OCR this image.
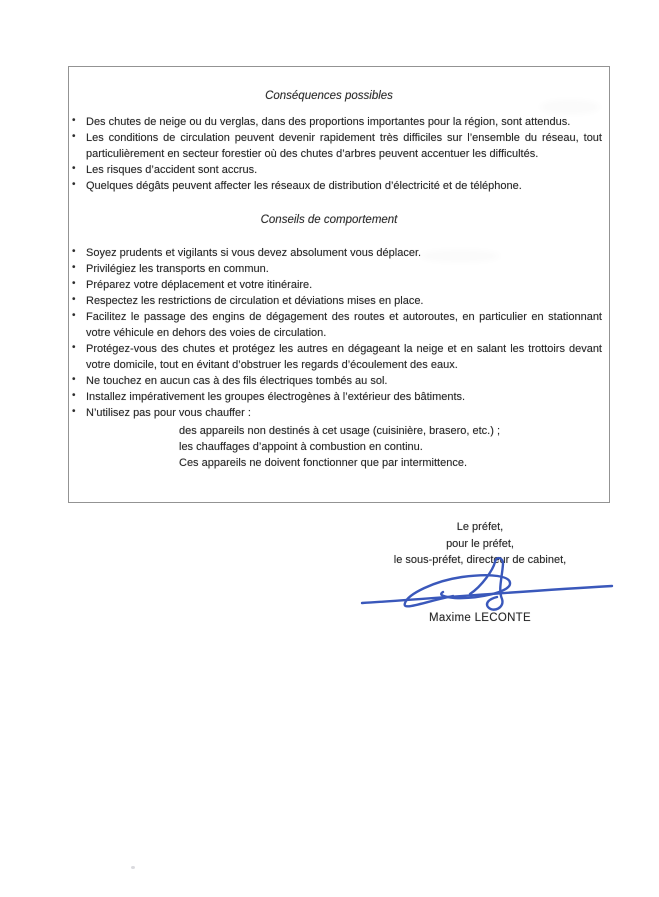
Conséquences possibles
• Des chutes de neige ou du verglas, dans des proportions importantes pour la région, sont attendus.
• Les conditions de circulation peuvent devenir rapidement très difficiles sur l’ensemble du réseau, tout particulièrement en secteur forestier où des chutes d’arbres peuvent accentuer les difficultés.
• Les risques d’accident sont accrus.
• Quelques dégâts peuvent affecter les réseaux de distribution d’électricité et de téléphone.
Conseils de comportement
• Soyez prudents et vigilants si vous devez absolument vous déplacer.
• Privilégiez les transports en commun.
• Préparez votre déplacement et votre itinéraire.
• Respectez les restrictions de circulation et déviations mises en place.
• Facilitez le passage des engins de dégagement des routes et autoroutes, en particulier en stationnant votre véhicule en dehors des voies de circulation.
• Protégez-vous des chutes et protégez les autres en dégageant la neige et en salant les trottoirs devant votre domicile, tout en évitant d’obstruer les regards d’écoulement des eaux.
• Ne touchez en aucun cas à des fils électriques tombés au sol.
• Installez impérativement les groupes électrogènes à l’extérieur des bâtiments.
• N’utilisez pas pour vous chauffer :
des appareils non destinés à cet usage (cuisinière, brasero, etc.) ;
les chauffages d’appoint à combustion en continu.
Ces appareils ne doivent fonctionner que par intermittence.
Le préfet,
pour le préfet,
le sous-préfet, directeur de cabinet,
Maxime LECONTE
